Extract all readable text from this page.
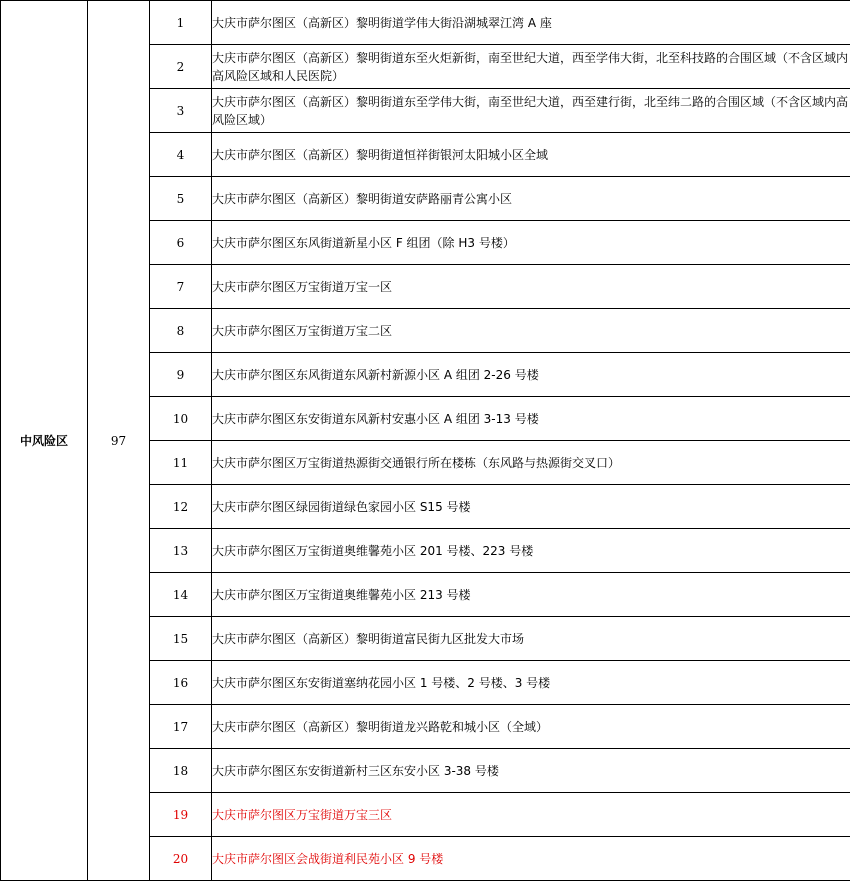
中风险区	97	1	大庆市萨尔图区（高新区）黎明街道学伟大街沿湖城翠江湾 A 座
		2	大庆市萨尔图区（高新区）黎明街道东至火炬新街，南至世纪大道，西至学伟大街，北至科技路的合围区域（不含区域内高风险区域和人民医院）
		3	大庆市萨尔图区（高新区）黎明街道东至学伟大街，南至世纪大道，西至建行街，北至纬二路的合围区域（不含区域内高风险区域）
		4	大庆市萨尔图区（高新区）黎明街道恒祥街银河太阳城小区全域
		5	大庆市萨尔图区（高新区）黎明街道安萨路丽青公寓小区
		6	大庆市萨尔图区东风街道新星小区 F 组团（除 H3 号楼）
		7	大庆市萨尔图区万宝街道万宝一区
		8	大庆市萨尔图区万宝街道万宝二区
		9	大庆市萨尔图区东风街道东风新村新源小区 A 组团 2-26 号楼
		10	大庆市萨尔图区东安街道东风新村安惠小区 A 组团 3-13 号楼
		11	大庆市萨尔图区万宝街道热源街交通银行所在楼栋（东风路与热源街交叉口）
		12	大庆市萨尔图区绿园街道绿色家园小区 S15 号楼
		13	大庆市萨尔图区万宝街道奥维馨苑小区 201 号楼、223 号楼
		14	大庆市萨尔图区万宝街道奥维馨苑小区 213 号楼
		15	大庆市萨尔图区（高新区）黎明街道富民街九区批发大市场
		16	大庆市萨尔图区东安街道塞纳花园小区 1 号楼、2 号楼、3 号楼
		17	大庆市萨尔图区（高新区）黎明街道龙兴路乾和城小区（全域）
		18	大庆市萨尔图区东安街道新村三区东安小区 3-38 号楼
		19	大庆市萨尔图区万宝街道万宝三区
		20	大庆市萨尔图区会战街道利民苑小区 9 号楼
